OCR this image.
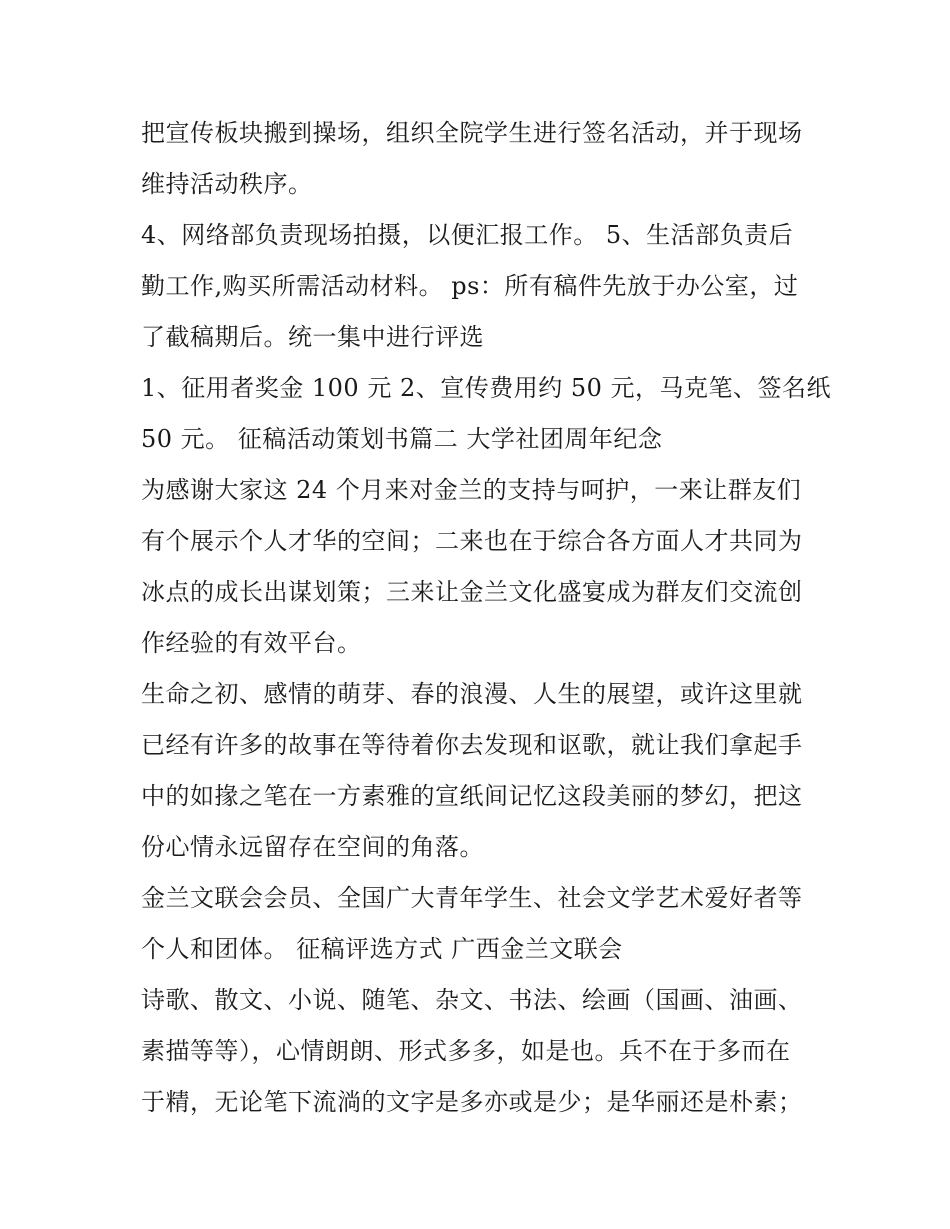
把宣传板块搬到操场，组织全院学生进行签名活动，并于现场
维持活动秩序。
4、网络部负责现场拍摄，以便汇报工作。 5、生活部负责后
勤工作,购买所需活动材料。 ps：所有稿件先放于办公室，过
了截稿期后。统一集中进行评选
1、征用者奖金 100 元 2、宣传费用约 50 元，马克笔、签名纸
50 元。 征稿活动策划书篇二 大学社团周年纪念
为感谢大家这 24 个月来对金兰的支持与呵护，一来让群友们
有个展示个人才华的空间；二来也在于综合各方面人才共同为
冰点的成长出谋划策；三来让金兰文化盛宴成为群友们交流创
作经验的有效平台。
生命之初、感情的萌芽、春的浪漫、人生的展望，或许这里就
已经有许多的故事在等待着你去发现和讴歌，就让我们拿起手
中的如掾之笔在一方素雅的宣纸间记忆这段美丽的梦幻，把这
份心情永远留存在空间的角落。
金兰文联会会员、全国广大青年学生、社会文学艺术爱好者等
个人和团体。 征稿评选方式 广西金兰文联会
诗歌、散文、小说、随笔、杂文、书法、绘画（国画、油画、
素描等等），心情朗朗、形式多多，如是也。兵不在于多而在
于精，无论笔下流淌的文字是多亦或是少；是华丽还是朴素；
